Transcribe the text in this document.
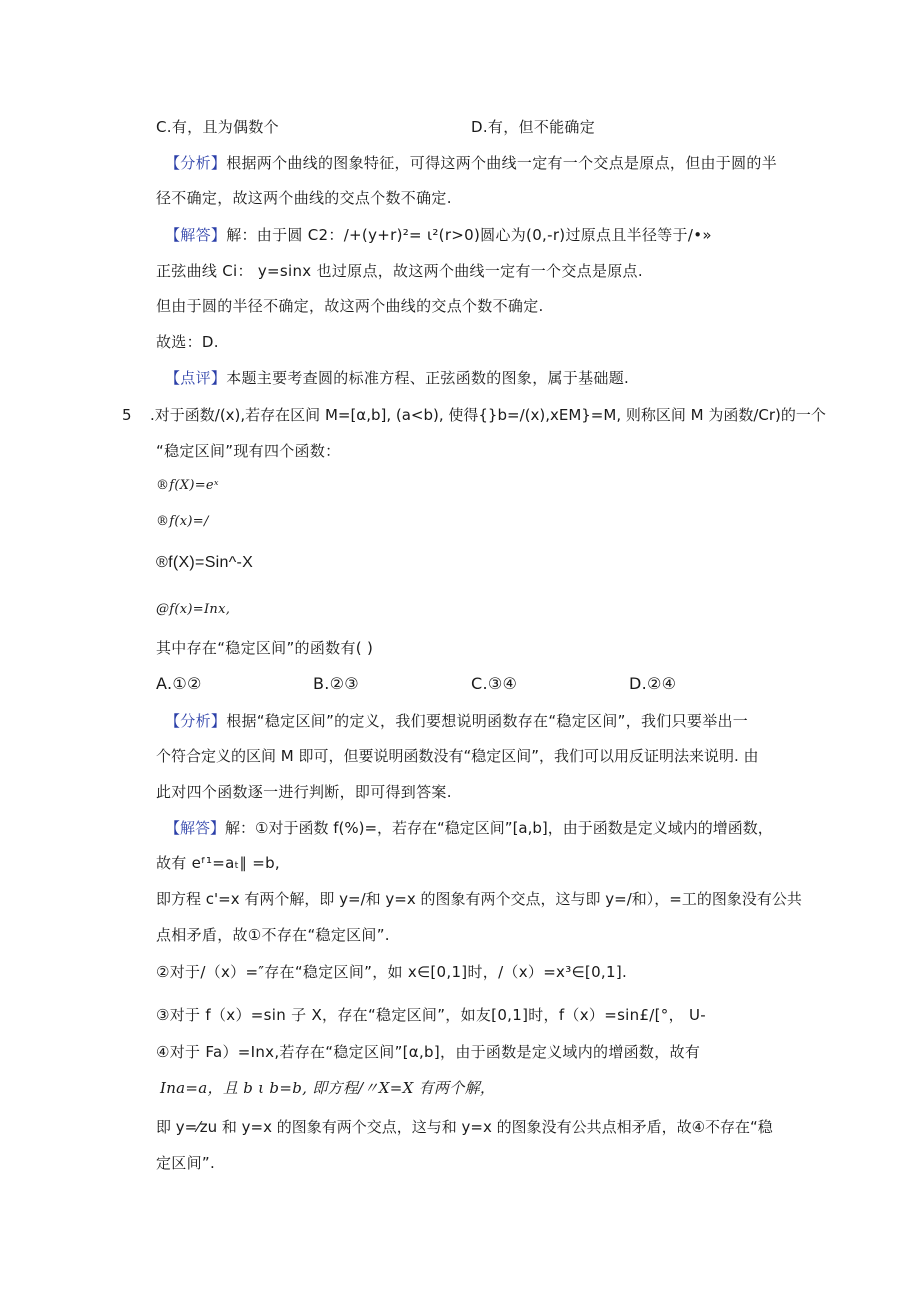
C.有，且为偶数个	D.有，但不能确定
【分析】根据两个曲线的图象特征，可得这两个曲线一定有一个交点是原点，但由于圆的半
径不确定，故这两个曲线的交点个数不确定.
【解答】解：由于圆 C2：/+(y+r)²= ι²(r>0)圆心为(0,-r)过原点且半径等于/•»
正弦曲线 Ci： y=sinx 也过原点，故这两个曲线一定有一个交点是原点.
但由于圆的半径不确定，故这两个曲线的交点个数不确定.
故选：D.
【点评】本题主要考查圆的标准方程、正弦函数的图象，属于基础题.
5 .对于函数/(x),若存在区间 M=[α,b], (a<b), 使得{}b=/(x),xEM}=M, 则称区间 M 为函数/Cr)的一个
“稳定区间”现有四个函数：
®f(X)=eˣ
®f(x)=/
®f(X)=Sin^-X
@f(x)=Inx,
其中存在“稳定区间”的函数有( )
A.①②	B.②③	C.③④	D.②④
【分析】根据“稳定区间”的定义，我们要想说明函数存在“稳定区间”，我们只要举出一
个符合定义的区间 M 即可，但要说明函数没有“稳定区间”，我们可以用反证明法来说明. 由
此对四个函数逐一进行判断，即可得到答案.
【解答】解：①对于函数 f(%)=，若存在“稳定区间”[a,b]，由于函数是定义域内的增函数，
故有 eᶠ¹=aₜ∥ =b,
即方程 c'=x 有两个解，即 y=/和 y=x 的图象有两个交点，这与即 y=/和），=工的图象没有公共
点相矛盾，故①不存在“稳定区间”.
②对于/（x）=″存在“稳定区间”，如 x∈[0,1]时，/（x）=x³∈[0,1].
③对于 f（x）=sin 子 X，存在“稳定区间”，如友[0,1]时，f（x）=sin£/[°， U-
④对于 Fa）=Inx,若存在“稳定区间”[α,b]，由于函数是定义域内的增函数，故有
Ina=a，且 b ι b=b, 即方程/〃X=X 有两个解，
即 y=⁄zu 和 y=x 的图象有两个交点，这与和 y=x 的图象没有公共点相矛盾，故④不存在“稳
定区间”.
